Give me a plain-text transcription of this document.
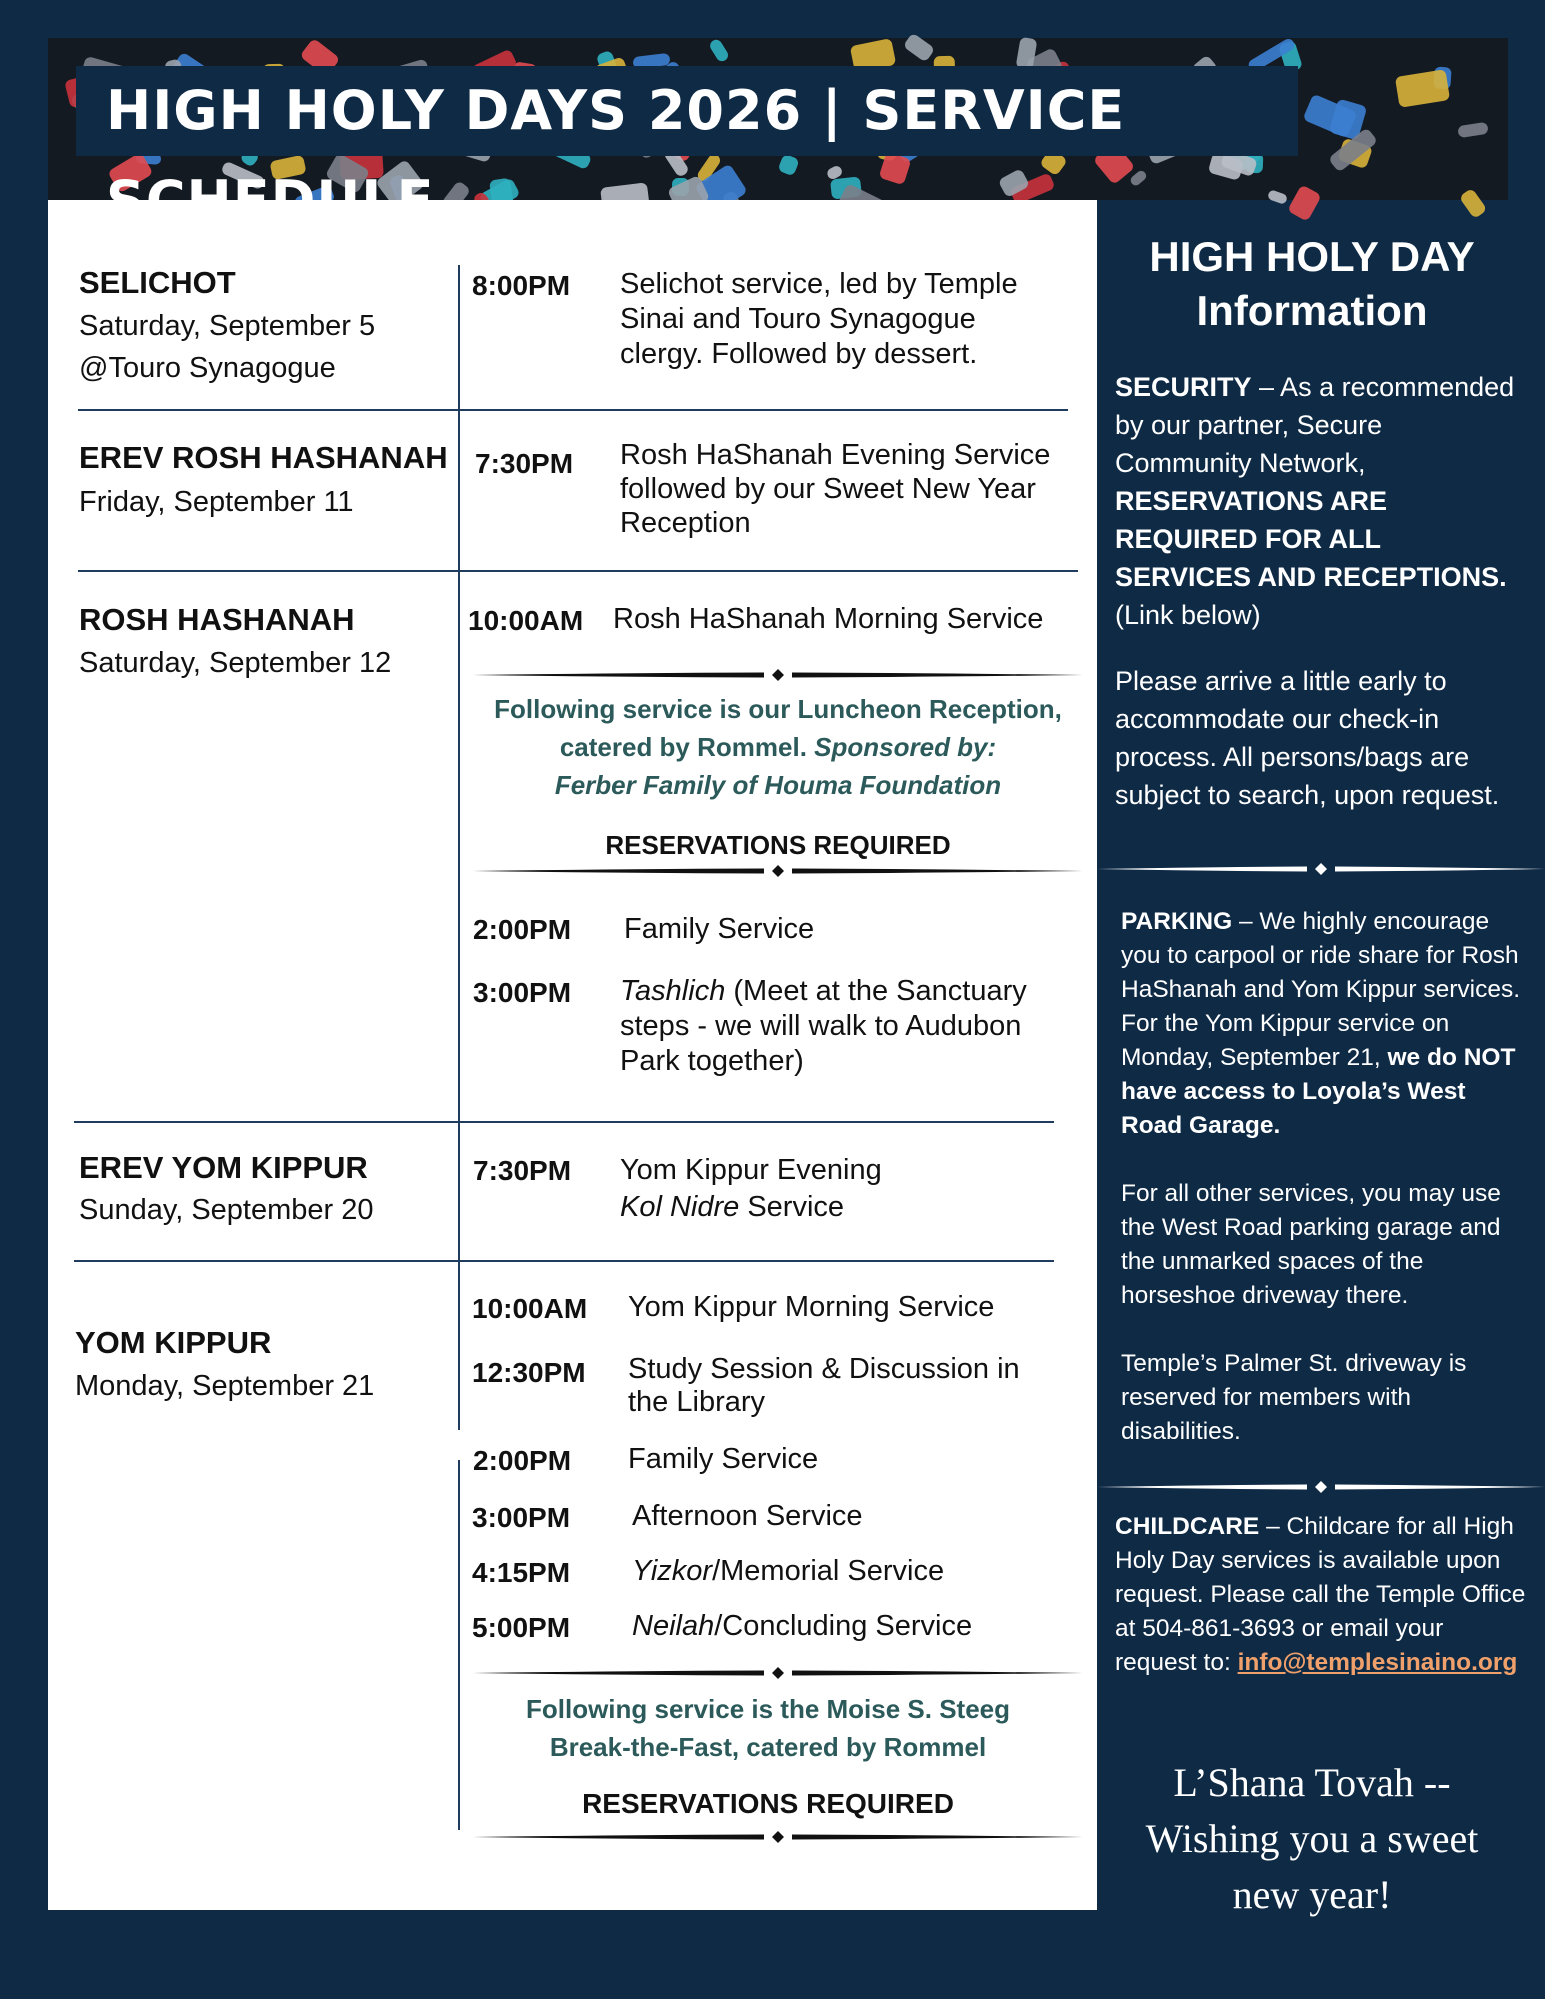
HIGH HOLY DAYS 2026 | SERVICE
SELICHOT
Saturday, September 5
@Touro Synagogue
8:00PM Selichot service, led by Temple
Sinai and Touro Synagogue
clergy. Followed by dessert.
EREV ROSH HASHANAH
Friday, September 11
7:30PM Rosh HaShanah Evening Service
followed by our Sweet New Year
Reception
ROSH HASHANAH
Saturday, September 12
10:00AM Rosh HaShanah Morning Service
Following service is our Luncheon Reception,
catered by Rommel. Sponsored by:
Ferber Family of Houma Foundation
RESERVATIONS REQUIRED
2:00PM Family Service
3:00PM Tashlich (Meet at the Sanctuary
steps - we will walk to Audubon
Park together)
EREV YOM KIPPUR
Sunday, September 20
7:30PM Yom Kippur Evening
Kol Nidre Service
YOM KIPPUR
Monday, September 21
10:00AM Yom Kippur Morning Service
12:30PM Study Session & Discussion in
the Library
2:00PM Family Service
3:00PM Afternoon Service
4:15PM Yizkor/Memorial Service
5:00PM Neilah/Concluding Service
Following service is the Moise S. Steeg
Break-the-Fast, catered by Rommel
RESERVATIONS REQUIRED
HIGH HOLY DAY
Information

SECURITY – As a recommended by our partner, Secure Community Network, RESERVATIONS ARE REQUIRED FOR ALL SERVICES AND RECEPTIONS. (Link below)

Please arrive a little early to accommodate our check-in process. All persons/bags are subject to search, upon request.

PARKING – We highly encourage you to carpool or ride share for Rosh HaShanah and Yom Kippur services. For the Yom Kippur service on Monday, September 21, we do NOT have access to Loyola’s West Road Garage.

For all other services, you may use the West Road parking garage and the unmarked spaces of the horseshoe driveway there.

Temple’s Palmer St. driveway is reserved for members with disabilities.

CHILDCARE – Childcare for all High Holy Day services is available upon request. Please call the Temple Office at 504-861-3693 or email your request to: info@templesinaino.org

L’Shana Tovah --
Wishing you a sweet
new year!
